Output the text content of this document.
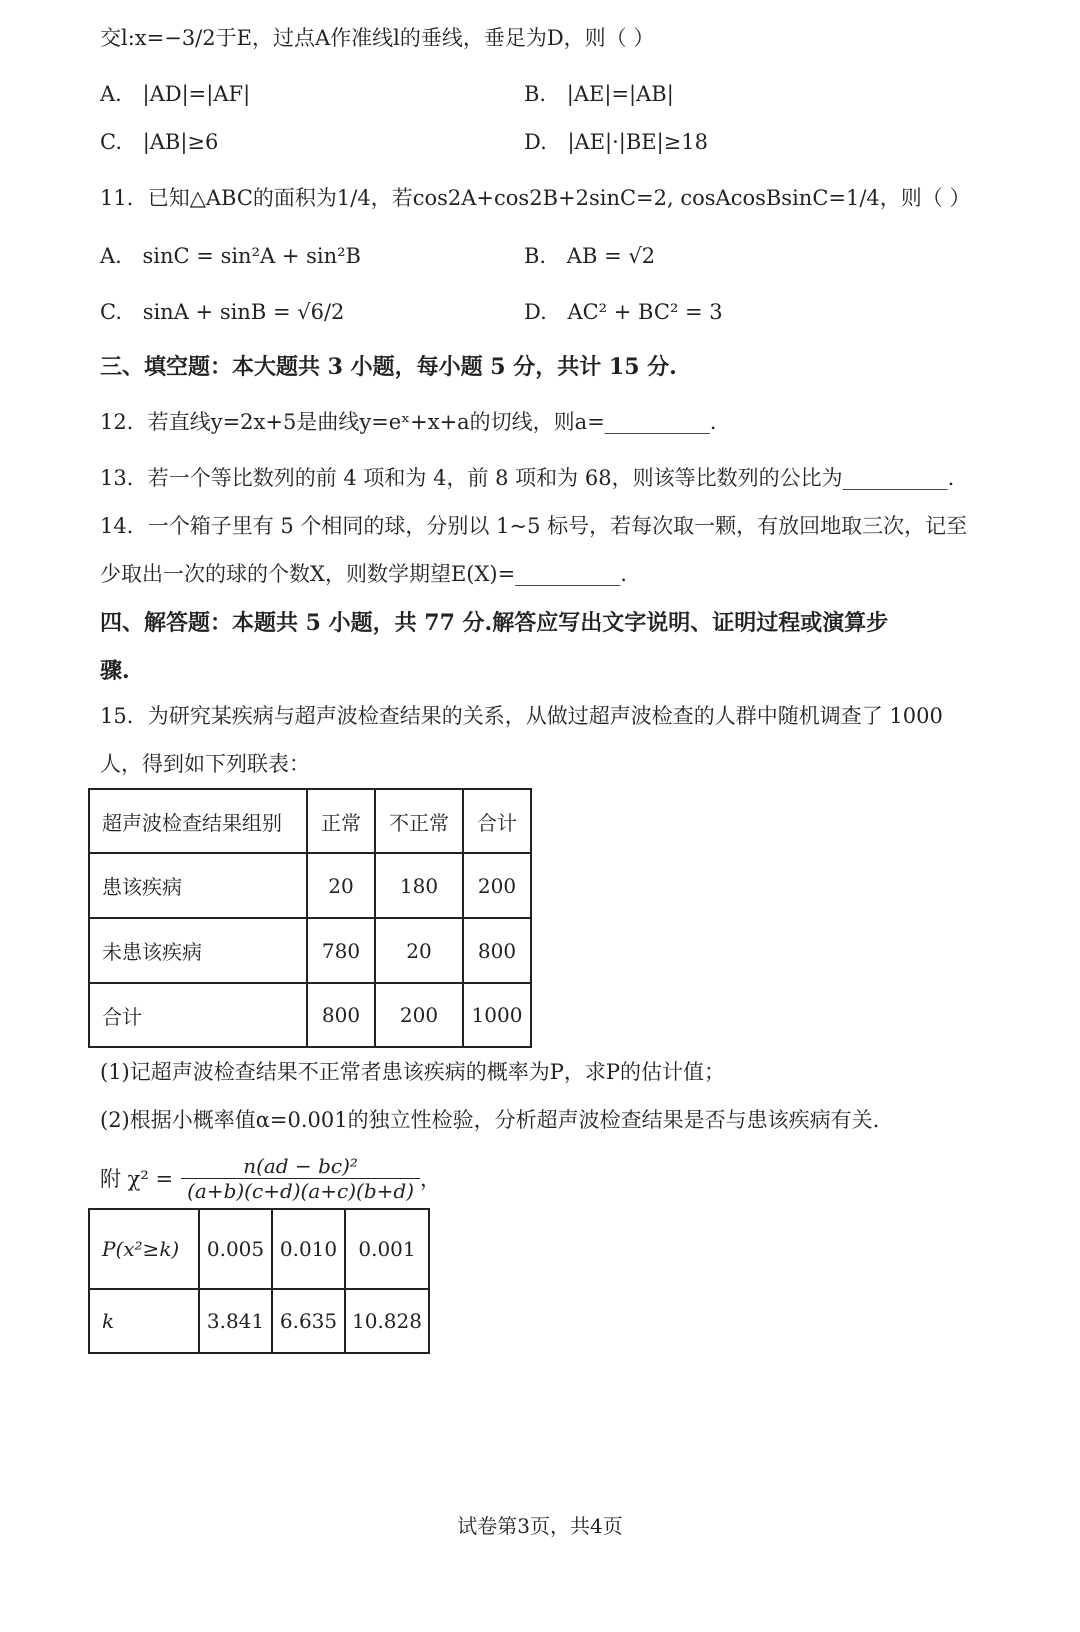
交l:x=−3/2于E，过点A作准线l的垂线，垂足为D，则（ ）
A. |AD|=|AF|	B. |AE|=|AB|
C. |AB|≥6	D. |AE|·|BE|≥18
11．已知△ABC的面积为1/4，若cos2A+cos2B+2sinC=2, cosAcosBsinC=1/4，则（ ）
A. sinC = sin²A + sin²B	B. AB = √2
C. sinA + sinB = √6/2	D. AC² + BC² = 3
三、填空题：本大题共 3 小题，每小题 5 分，共计 15 分.
12．若直线y=2x+5是曲线y=eˣ+x+a的切线，则a=__________.
13．若一个等比数列的前 4 项和为 4，前 8 项和为 68，则该等比数列的公比为__________.
14．一个箱子里有 5 个相同的球，分别以 1~5 标号，若每次取一颗，有放回地取三次，记至
少取出一次的球的个数X，则数学期望E(X)=__________.
四、解答题：本题共 5 小题，共 77 分.解答应写出文字说明、证明过程或演算步
骤.
15．为研究某疾病与超声波检查结果的关系，从做过超声波检查的人群中随机调查了 1000
人，得到如下列联表：
超声波检查结果组别	正常	不正常	合计
患该疾病	20	180	200
未患该疾病	780	20	800
合计	800	200	1000
(1)记超声波检查结果不正常者患该疾病的概率为P，求P的估计值；
(2)根据小概率值α=0.001的独立性检验，分析超声波检查结果是否与患该疾病有关.
附 $\chi^2 = \frac{\text{n(ad − bc)²}}{(a+b)(c+d)(a+c)(b+d)}$ ，
P(x²≥k)	0.005	0.010	0.001
k	3.841	6.635	10.828
试卷第3页，共4页
